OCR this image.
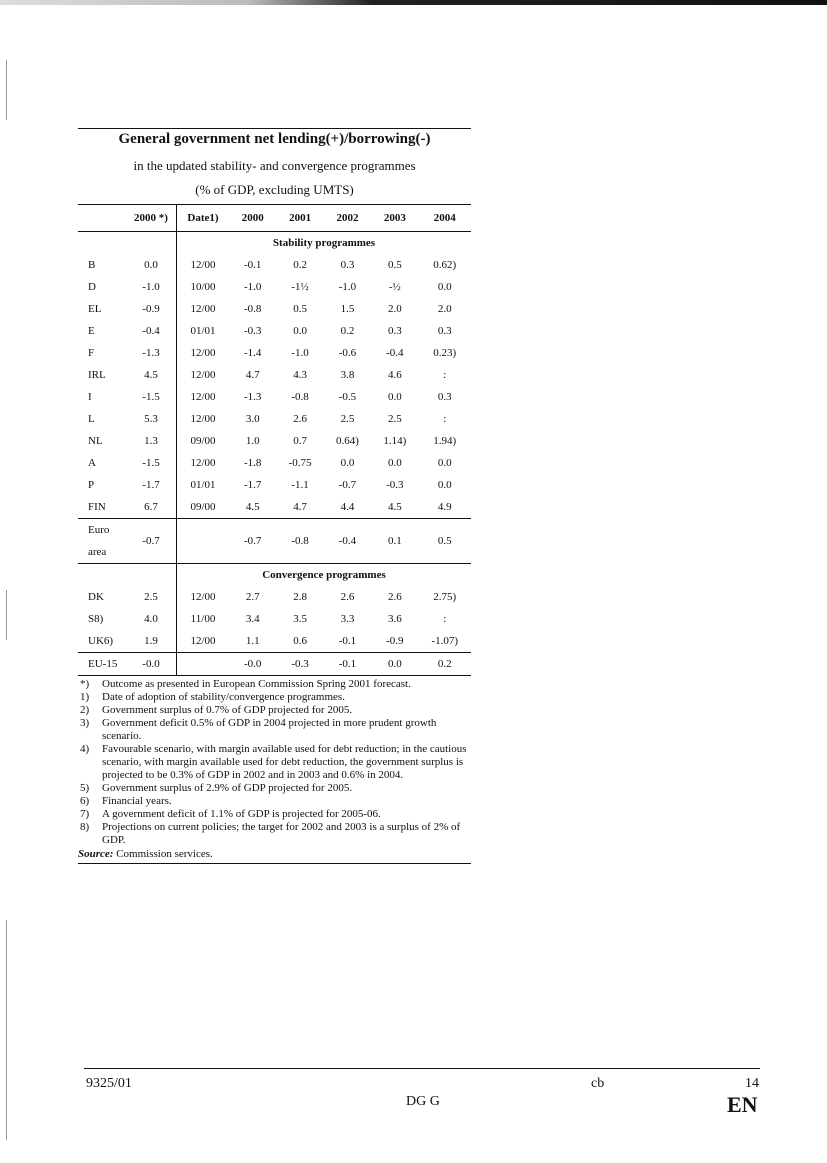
General government net lending(+)/borrowing(-)
in the updated stability- and convergence programmes
(% of GDP, excluding UMTS)
	2000 *)	Date1)	2000	2001	2002	2003	2004
		Stability programmes					
B	0.0	12/00	-0.1	0.2	0.3	0.5	0.62)
D	-1.0	10/00	-1.0	-1½	-1.0	-½	0.0
EL	-0.9	12/00	-0.8	0.5	1.5	2.0	2.0
E	-0.4	01/01	-0.3	0.0	0.2	0.3	0.3
F	-1.3	12/00	-1.4	-1.0	-0.6	-0.4	0.23)
IRL	4.5	12/00	4.7	4.3	3.8	4.6	:
I	-1.5	12/00	-1.3	-0.8	-0.5	0.0	0.3
L	5.3	12/00	3.0	2.6	2.5	2.5	:
NL	1.3	09/00	1.0	0.7	0.64)	1.14)	1.94)
A	-1.5	12/00	-1.8	-0.75	0.0	0.0	0.0
P	-1.7	01/01	-1.7	-1.1	-0.7	-0.3	0.0
FIN	6.7	09/00	4.5	4.7	4.4	4.5	4.9
Euro area	-0.7		-0.7	-0.8	-0.4	0.1	0.5
		Convergence programmes					
DK	2.5	12/00	2.7	2.8	2.6	2.6	2.75)
S8)	4.0	11/00	3.4	3.5	3.3	3.6	:
UK6)	1.9	12/00	1.1	0.6	-0.1	-0.9	-1.07)
EU-15	-0.0		-0.0	-0.3	-0.1	0.0	0.2
*)	Outcome as presented in European Commission Spring 2001 forecast.
1)	Date of adoption of stability/convergence programmes.
2)	Government surplus of 0.7% of GDP projected for 2005.
3)	Government deficit 0.5% of GDP in 2004 projected in more prudent growth scenario.
4)	Favourable scenario, with margin available used for debt reduction; in the cautious scenario, with margin available used for debt reduction, the government surplus is projected to be 0.3% of GDP in 2002 and in 2003 and 0.6% in 2004.
5)	Government surplus of 2.9% of GDP projected for 2005.
6)	Financial years.
7)	A government deficit of 1.1% of GDP is projected for 2005-06.
8)	Projections on current policies; the target for 2002 and 2003 is a surplus of 2% of GDP.
Source: Commission services.
9325/01	cb	14
DG G	EN
